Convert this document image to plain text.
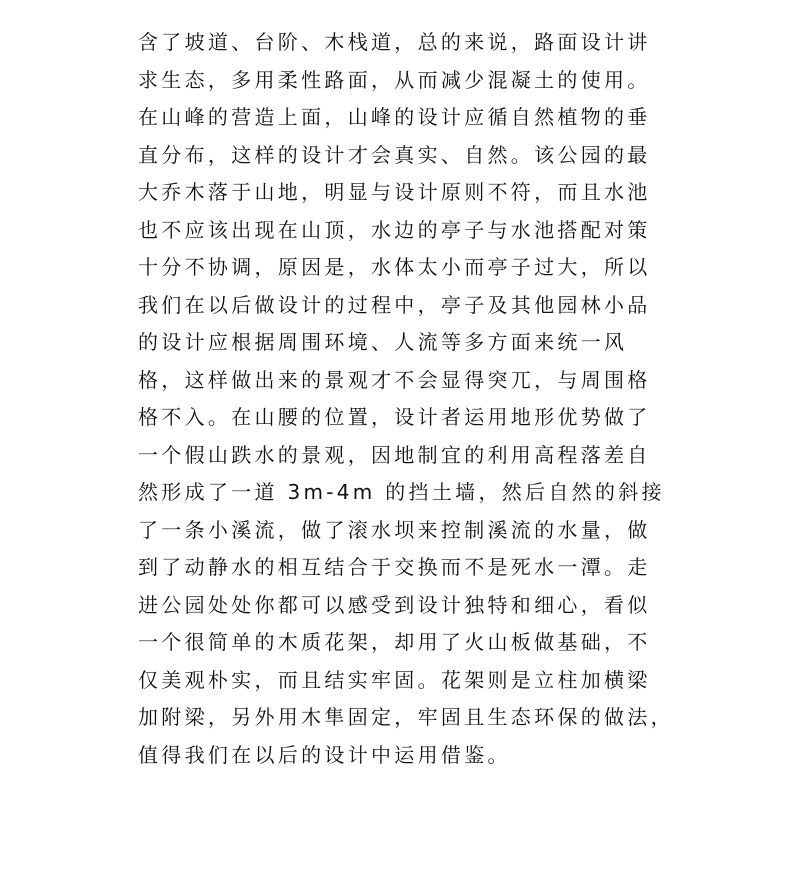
含了坡道、台阶、木栈道，总的来说，路面设计讲
求生态，多用柔性路面，从而减少混凝土的使用。
在山峰的营造上面，山峰的设计应循自然植物的垂
直分布，这样的设计才会真实、自然。该公园的最
大乔木落于山地，明显与设计原则不符，而且水池
也不应该出现在山顶，水边的亭子与水池搭配对策
十分不协调，原因是，水体太小而亭子过大，所以
我们在以后做设计的过程中，亭子及其他园林小品
的设计应根据周围环境、人流等多方面来统一风
格，这样做出来的景观才不会显得突兀，与周围格
格不入。在山腰的位置，设计者运用地形优势做了
一个假山跌水的景观，因地制宜的利用高程落差自
然形成了一道 3m-4m 的挡土墙，然后自然的斜接
了一条小溪流，做了滚水坝来控制溪流的水量，做
到了动静水的相互结合于交换而不是死水一潭。走
进公园处处你都可以感受到设计独特和细心，看似
一个很简单的木质花架，却用了火山板做基础，不
仅美观朴实，而且结实牢固。花架则是立柱加横梁
加附梁，另外用木隼固定，牢固且生态环保的做法，
值得我们在以后的设计中运用借鉴。
